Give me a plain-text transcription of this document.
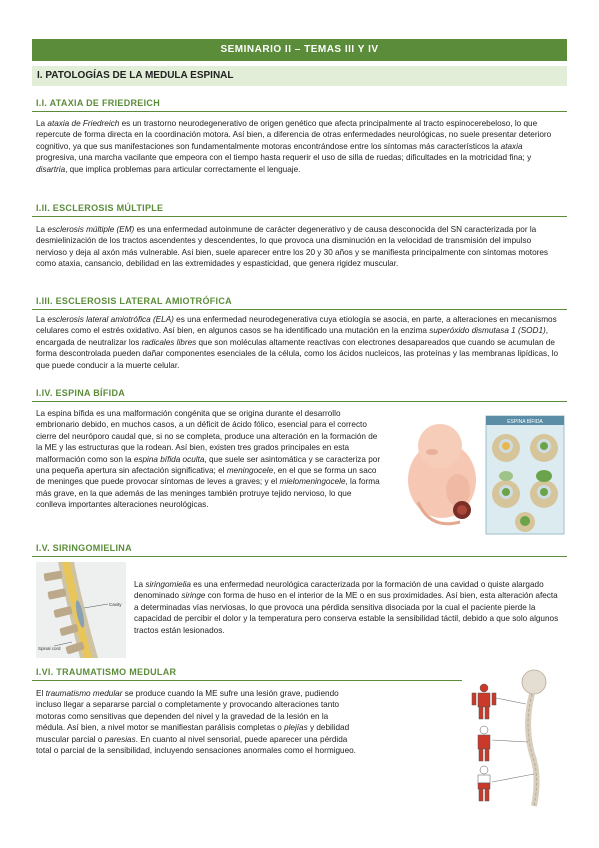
SEMINARIO II – TEMAS III Y IV
I. PATOLOGÍAS DE LA MEDULA ESPINAL
I.I. ATAXIA DE FRIEDREICH
La ataxia de Friedreich es un trastorno neurodegenerativo de origen genético que afecta principalmente al tracto espinocerebeloso, lo que repercute de forma directa en la coordinación motora. Así bien, a diferencia de otras enfermedades neurológicas, no suele presentar deterioro cognitivo, ya que sus manifestaciones son fundamentalmente motoras encontrándose entre los síntomas más característicos la ataxia progresiva, una marcha vacilante que empeora con el tiempo hasta requerir el uso de silla de ruedas; dificultades en la motricidad fina; y disartria, que implica problemas para articular correctamente el lenguaje.
I.II. ESCLEROSIS MÚLTIPLE
La esclerosis múltiple (EM) es una enfermedad autoinmune de carácter degenerativo y de causa desconocida del SN caracterizada por la desmielinización de los tractos ascendentes y descendentes, lo que provoca una disminución en la velocidad de transmisión del impulso nervioso y deja al axón más vulnerable. Así bien, suele aparecer entre los 20 y 30 años y se manifiesta principalmente con síntomas motores como ataxia, cansancio, debilidad en las extremidades y espasticidad, que genera rigidez muscular.
I.III. ESCLEROSIS LATERAL AMIOTRÓFICA
La esclerosis lateral amiotrófica (ELA) es una enfermedad neurodegenerativa cuya etiología se asocia, en parte, a alteraciones en mecanismos celulares como el estrés oxidativo. Así bien, en algunos casos se ha identificado una mutación en la enzima superóxido dismutasa 1 (SOD1), encargada de neutralizar los radicales libres que son moléculas altamente reactivas con electrones desapareados que cuando se acumulan de forma descontrolada pueden dañar componentes esenciales de la célula, como los ácidos nucleicos, las proteínas y las membranas lipídicas, lo que puede conducir a la muerte celular.
I.IV. ESPINA BÍFIDA
La espina bífida es una malformación congénita que se origina durante el desarrollo embrionario debido, en muchos casos, a un déficit de ácido fólico, esencial para el correcto cierre del neuróporo caudal que, si no se completa, produce una alteración en la formación de la ME y las estructuras que la rodean. Así bien, existen tres grados principales en esta malformación como son la espina bífida oculta, que suele ser asintomática y se caracteriza por una pequeña apertura sin afectación significativa; el meningocele, en el que se forma un saco de meninges que puede provocar síntomas de leves a graves; y el mielomeningocele, la forma más grave, en la que además de las meninges también protruye tejido nervioso, lo que conlleva importantes alteraciones neurológicas.
ESPINA BÍFIDA
I.V. SIRINGOMIELINA
Cavity
Spinal cord
La siringomielia es una enfermedad neurológica caracterizada por la formación de una cavidad o quiste alargado denominado siringe con forma de huso en el interior de la ME o en sus proximidades. Así bien, esta alteración afecta a determinadas vías nerviosas, lo que provoca una pérdida sensitiva disociada por la cual el paciente pierde la capacidad de percibir el dolor y la temperatura pero conserva estable la sensibilidad táctil, debido a que solo algunos tractos están lesionados.
I.VI. TRAUMATISMO MEDULAR
El traumatismo medular se produce cuando la ME sufre una lesión grave, pudiendo incluso llegar a separarse parcial o completamente y provocando alteraciones tanto motoras como sensitivas que dependen del nivel y la gravedad de la lesión en la médula. Así bien, a nivel motor se manifiestan parálisis completas o plejías y debilidad muscular parcial o paresias. En cuanto al nivel sensorial, puede aparecer una pérdida total o parcial de la sensibilidad, incluyendo sensaciones anormales como el hormigueo.
